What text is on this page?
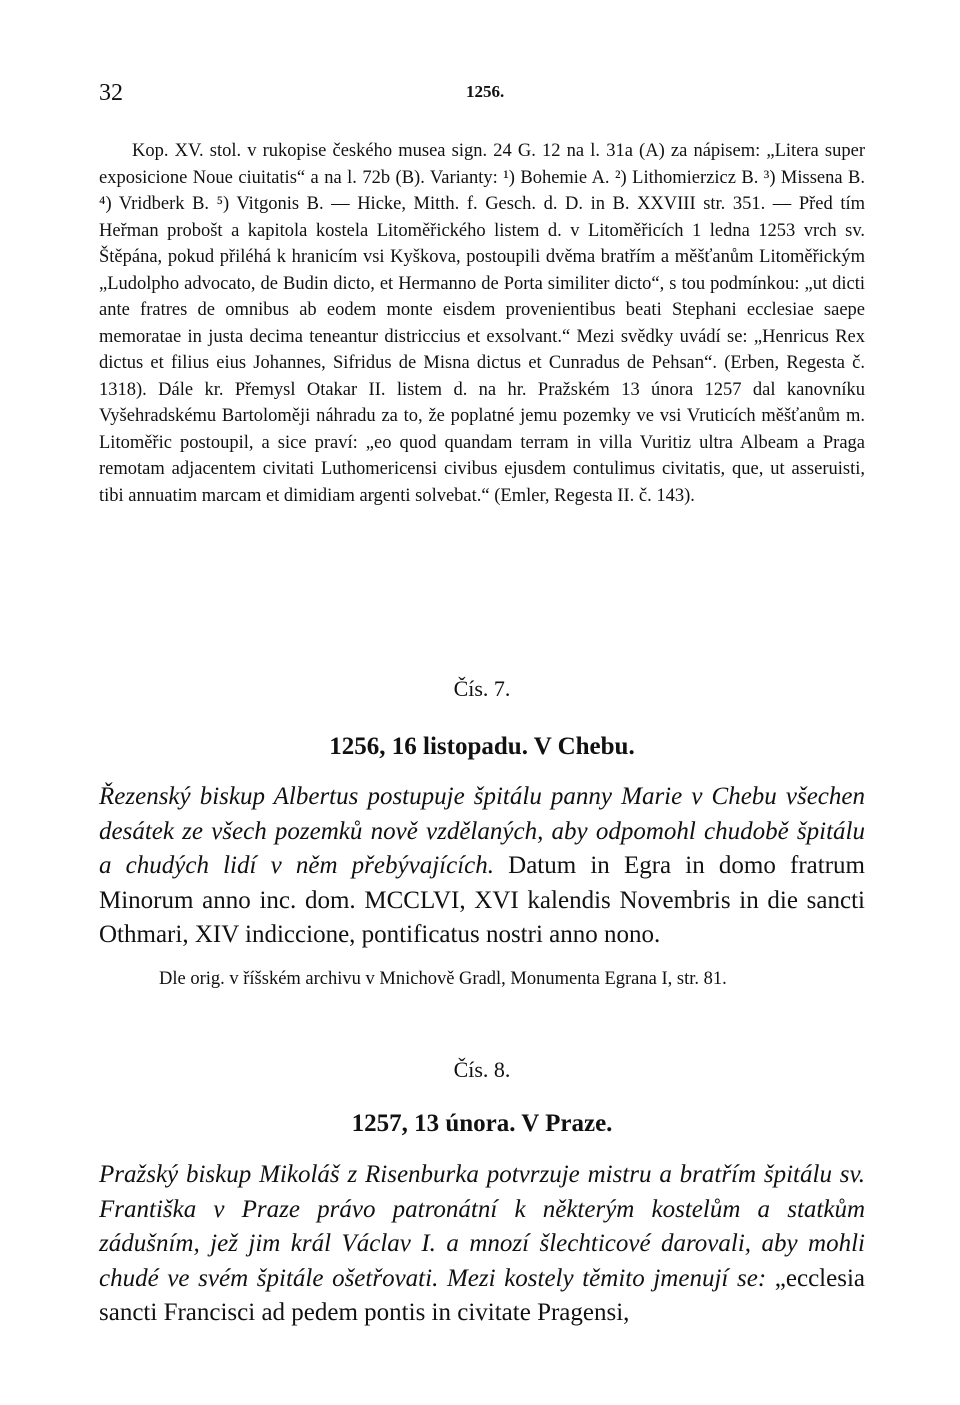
32	1256.

Kop. XV. stol. v rukopise českého musea sign. 24 G. 12 na l. 31a (A) za nápisem: „Litera super exposicione Noue ciuitatis“ a na l. 72b (B). Varianty: ¹) Bohemie A. ²) Lithomierzicz B. ³) Missena B. ⁴) Vridberk B. ⁵) Vitgonis B. — Hicke, Mitth. f. Gesch. d. D. in B. XXVIII str. 351. — Před tím Heřman probošt a kapitola kostela Litoměřického listem d. v Litoměřicích 1 ledna 1253 vrch sv. Štěpána, pokud přiléhá k hranicím vsi Kyškova, postoupili dvěma bratřím a měšťanům Litoměřickým „Ludolpho advocato, de Budin dicto, et Hermanno de Porta similiter dicto“, s tou podmínkou: „ut dicti ante fratres de omnibus ab eodem monte eisdem provenientibus beati Stephani ecclesiae saepe memoratae in justa decima teneantur districcius et exsolvant.“ Mezi svědky uvádí se: „Henricus Rex dictus et filius eius Johannes, Sifridus de Misna dictus et Cunradus de Pehsan“. (Erben, Regesta č. 1318). Dále kr. Přemysl Otakar II. listem d. na hr. Pražském 13 února 1257 dal kanovníku Vyšehradskému Bartoloměji náhradu za to, že poplatné jemu pozemky ve vsi Vruticích měšťanům m. Litoměřic postoupil, a sice praví: „eo quod quandam terram in villa Vuritiz ultra Albeam a Praga remotam adjacentem civitati Luthomericensi civibus ejusdem contulimus civitatis, que, ut asseruisti, tibi annuatim marcam et dimidiam argenti solvebat.“ (Emler, Regesta II. č. 143).

Čís. 7.
1256, 16 listopadu. V Chebu.

Řezenský biskup Albertus postupuje špitálu panny Marie v Chebu všechen desátek ze všech pozemků nově vzdělaných, aby odpomohl chudobě špitálu a chudých lidí v něm přebývajících. Datum in Egra in domo fratrum Minorum anno inc. dom. MCCLVI, XVI kalendis Novembris in die sancti Othmari, XIV indiccione, pontificatus nostri anno nono.

Dle orig. v říšském archivu v Mnichově Gradl, Monumenta Egrana I, str. 81.

Čís. 8.
1257, 13 února. V Praze.

Pražský biskup Mikoláš z Risenburka potvrzuje mistru a bratřím špitálu sv. Františka v Praze právo patronátní k některým kostelům a statkům zádušním, jež jim král Václav I. a mnozí šlechticové darovali, aby mohli chudé ve svém špitále ošetřovati. Mezi kostely těmito jmenují se: „ecclesia sancti Francisci ad pedem pontis in civitate Pragensi,
